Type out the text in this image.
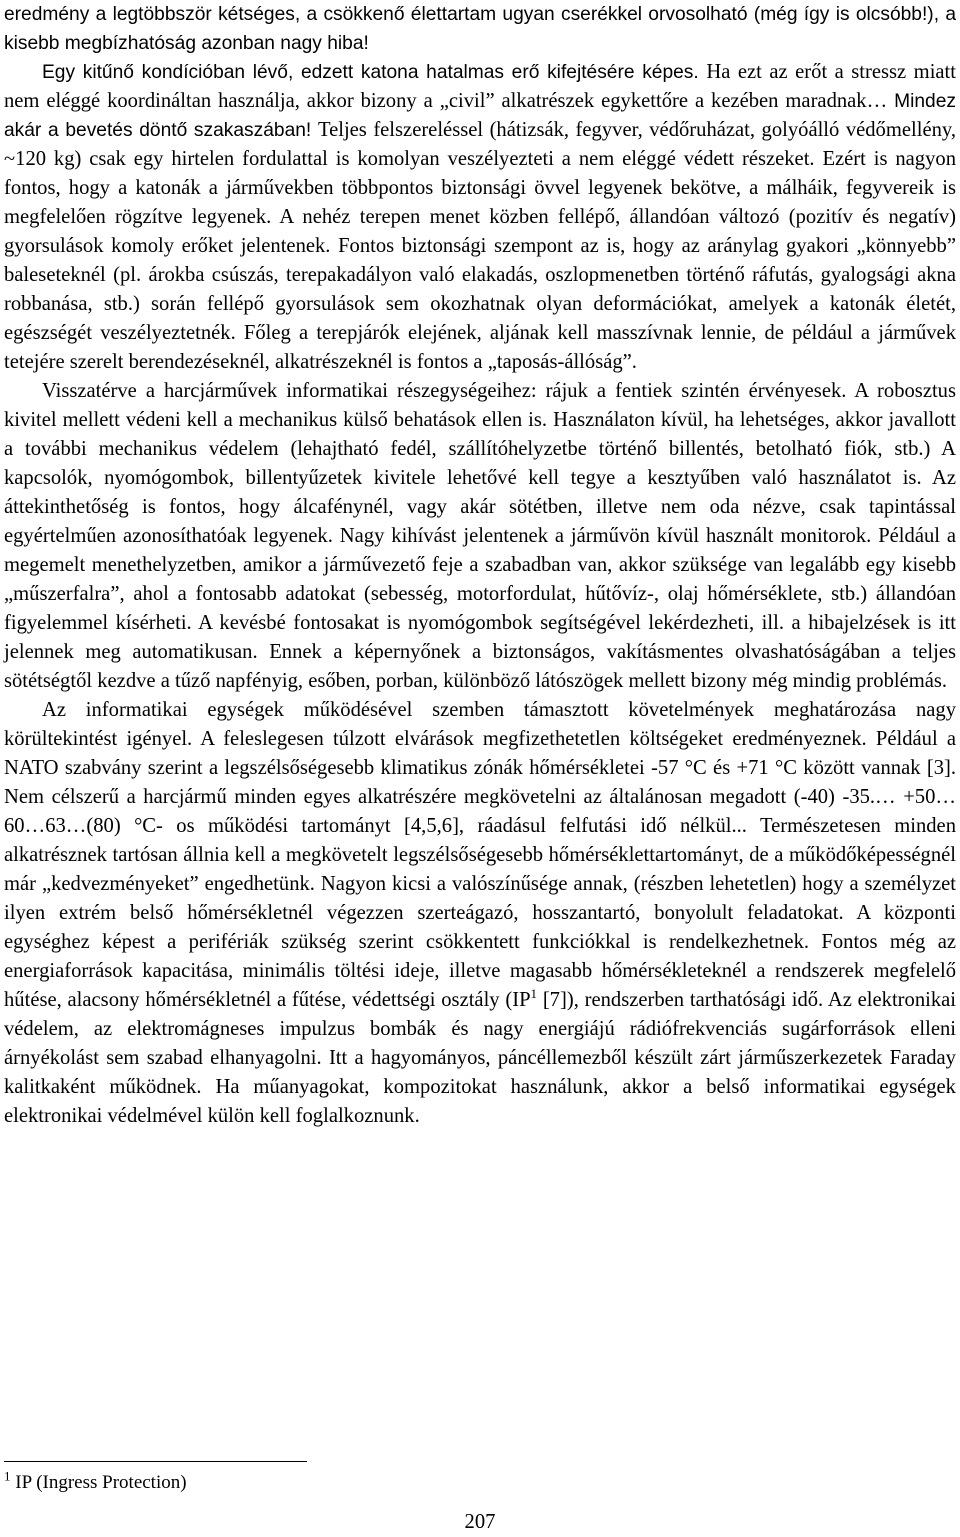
eredmény a legtöbbször kétséges, a csökkenő élettartam ugyan cserékkel orvosolható (még így is olcsóbb!), a kisebb megbízhatóság azonban nagy hiba!

Egy kitűnő kondícióban lévő, edzett katona hatalmas erő kifejtésére képes. Ha ezt az erőt a stressz miatt nem eléggé koordináltan használja, akkor bizony a „civil” alkatrészek egykettőre a kezében maradnak… Mindez akár a bevetés döntő szakaszában! Teljes felszereléssel (hátizsák, fegyver, védőruházat, golyóálló védőmellény, ~120 kg) csak egy hirtelen fordulattal is komolyan veszélyezteti a nem eléggé védett részeket. Ezért is nagyon fontos, hogy a katonák a járművekben többpontos biztonsági övvel legyenek bekötve, a málháik, fegyvereik is megfelelően rögzítve legyenek. A nehéz terepen menet közben fellépő, állandóan változó (pozitív és negatív) gyorsulások komoly erőket jelentenek. Fontos biztonsági szempont az is, hogy az aránylag gyakori „könnyebb” baleseteknél (pl. árokba csúszás, terepakadályon való elakadás, oszlopmenetben történő ráfutás, gyalogsági akna robbanása, stb.) során fellépő gyorsulások sem okozhatnak olyan deformációkat, amelyek a katonák életét, egészségét veszélyeztetnék. Főleg a terepjárók elejének, aljának kell masszívnak lennie, de például a járművek tetejére szerelt berendezéseknél, alkatrészeknél is fontos a „taposás-állóság”.

Visszatérve a harcjárművek informatikai részegységeihez: rájuk a fentiek szintén érvényesek. A robosztus kivitel mellett védeni kell a mechanikus külső behatások ellen is. Használaton kívül, ha lehetséges, akkor javallott a további mechanikus védelem (lehajtható fedél, szállítóhelyzetbe történő billentés, betolható fiók, stb.) A kapcsolók, nyomógombok, billentyűzetek kivitele lehetővé kell tegye a kesztyűben való használatot is. Az áttekinthetőség is fontos, hogy álcafénynél, vagy akár sötétben, illetve nem oda nézve, csak tapintással egyértelműen azonosíthatóak legyenek. Nagy kihívást jelentenek a járművön kívül használt monitorok. Például a megemelt menethelyzetben, amikor a járművezető feje a szabadban van, akkor szüksége van legalább egy kisebb „műszerfalra”, ahol a fontosabb adatokat (sebesség, motorfordulat, hűtővíz-, olaj hőmérséklete, stb.) állandóan figyelemmel kísérheti. A kevésbé fontosakat is nyomógombok segítségével lekérdezheti, ill. a hibajelzések is itt jelennek meg automatikusan. Ennek a képernyőnek a biztonságos, vakításmentes olvashatóságában a teljes sötétségtől kezdve a tűző napfényig, esőben, porban, különböző látószögek mellett bizony még mindig problémás.

Az informatikai egységek működésével szemben támasztott követelmények meghatározása nagy körültekintést igényel. A feleslegesen túlzott elvárások megfizethetetlen költségeket eredményeznek. Például a NATO szabvány szerint a legszélsőségesebb klimatikus zónák hőmérsékletei -57 °C és +71 °C között vannak [3]. Nem célszerű a harcjármű minden egyes alkatrészére megkövetelni az általánosan megadott (-40) -35.… +50…60…63…(80) °C- os működési tartományt [4,5,6], ráadásul felfutási idő nélkül... Természetesen minden alkatrésznek tartósan állnia kell a megkövetelt legszélsőségesebb hőmérséklettartományt, de a működőképességnél már „kedvezményeket” engedhetünk. Nagyon kicsi a valószínűsége annak, (részben lehetetlen) hogy a személyzet ilyen extrém belső hőmérsékletnél végezzen szerteágazó, hosszantartó, bonyolult feladatokat. A központi egységhez képest a perifériák szükség szerint csökkentett funkciókkal is rendelkezhetnek. Fontos még az energiaforrások kapacitása, minimális töltési ideje, illetve magasabb hőmérsékleteknél a rendszerek megfelelő hűtése, alacsony hőmérsékletnél a fűtése, védettségi osztály ($IP^1$ [7]), rendszerben tarthatósági idő. Az elektronikai védelem, az elektromágneses impulzus bombák és nagy energiájú rádiófrekvenciás sugárforrások elleni árnyékolást sem szabad elhanyagolni. Itt a hagyományos, páncéllemezből készült zárt járműszerkezetek Faraday kalitkaként működnek. Ha műanyagokat, kompozitokat használunk, akkor a belső informatikai egységek elektronikai védelmével külön kell foglalkoznunk.

$^1$ IP (Ingress Protection)
207
